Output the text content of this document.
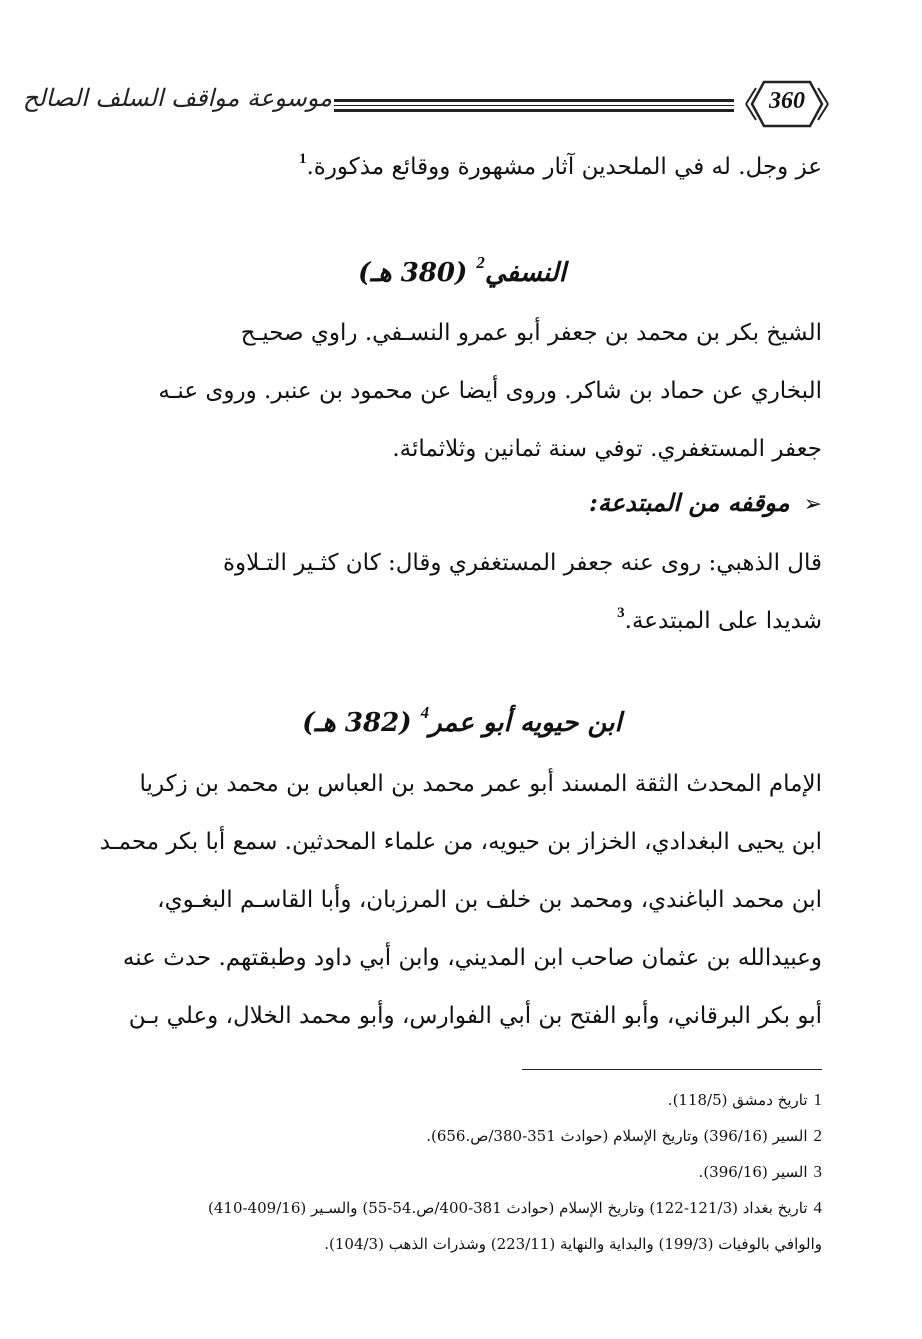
موسوعة مواقف السلف الصالح	360
عز وجل. له في الملحدين آثار مشهورة ووقائع مذكورة.$^1$
النسفي$^2$ (380 هـ)
الشيخ بكر بن محمد بن جعفر أبو عمرو النسـفي. راوي صحيـح
البخاري عن حماد بن شاكر. وروى أيضا عن محمود بن عنبر. وروى عنـه
جعفر المستغفري. توفي سنة ثمانين وثلاثمائة.
➢موقفه من المبتدعة:
قال الذهبي: روى عنه جعفر المستغفري وقال: كان كثـير التـلاوة
شديدا على المبتدعة.$^3$
ابن حيويه أبو عمر$^4$ (382 هـ)
الإمام المحدث الثقة المسند أبو عمر محمد بن العباس بن محمد بن زكريا
ابن يحيى البغدادي، الخزاز بن حيويه، من علماء المحدثين. سمع أبا بكر محمـد
ابن محمد الباغندي، ومحمد بن خلف بن المرزبان، وأبا القاسـم البغـوي،
وعبيدالله بن عثمان صاحب ابن المديني، وابن أبي داود وطبقتهم. حدث عنه
أبو بكر البرقاني، وأبو الفتح بن أبي الفوارس، وأبو محمد الخلال، وعلي بـن
1تاريخ دمشق (118/5).
2السير (396/16) وتاريخ الإسلام (حوادث 351-380/ص.656).
3السير (396/16).
4تاريخ بغداد (121/3-122) وتاريخ الإسلام (حوادث 381-400/ص.54-55) والسـير (409/16-410)
والوافي بالوفيات (199/3) والبداية والنهاية (223/11) وشذرات الذهب (104/3).
